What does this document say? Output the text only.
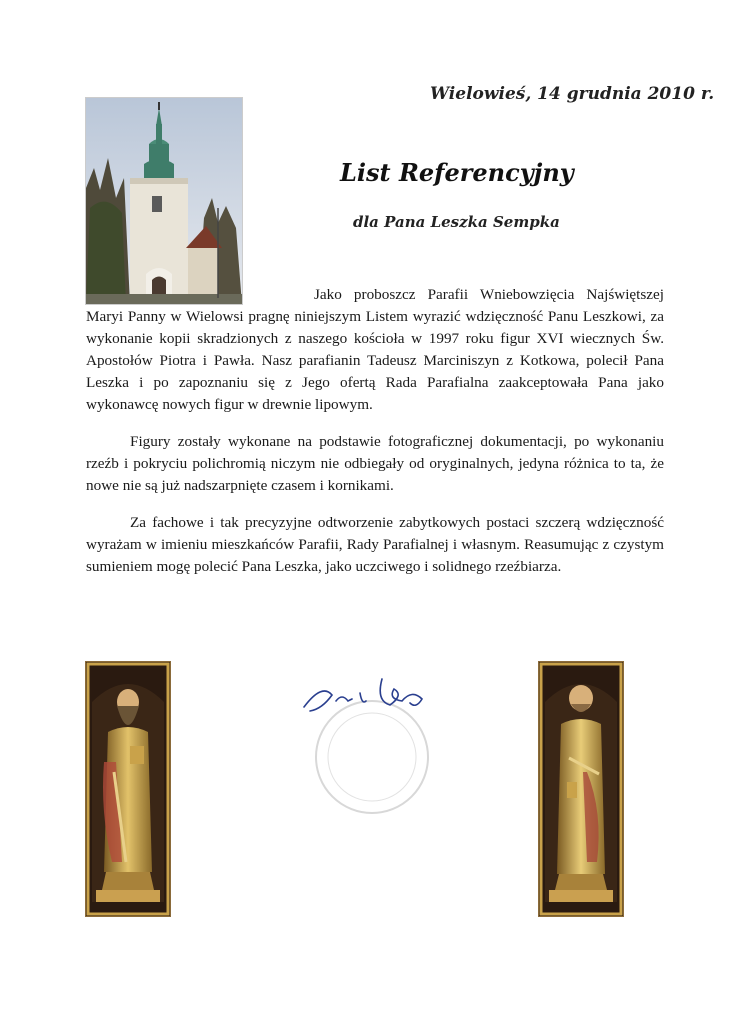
Wielowieś, 14 grudnia 2010 r.
List Referencyjny
dla Pana Leszka Sempka

Jako proboszcz Parafii Wniebowzięcia Najświętszej Maryi Panny w Wielowsi pragnę niniejszym Listem wyrazić wdzięczność Panu Leszkowi, za wykonanie kopii skradzionych z naszego kościoła w 1997 roku figur XVI wiecznych Św. Apostołów Piotra i Pawła. Nasz parafianin Tadeusz Marciniszyn z Kotkowa, polecił Pana Leszka i po zapoznaniu się z Jego ofertą Rada Parafialna zaakceptowała Pana jako wykonawcę nowych figur w drewnie lipowym.

Figury zostały wykonane na podstawie fotograficznej dokumentacji, po wykonaniu rzeźb i pokryciu polichromią niczym nie odbiegały od oryginalnych, jedyna różnica to ta, że nowe nie są już nadszarpnięte czasem i kornikami.

Za fachowe i tak precyzyjne odtworzenie zabytkowych postaci szczerą wdzięczność wyrażam w imieniu mieszkańców Parafii, Rady Parafialnej i własnym. Reasumując z czystym sumieniem mogę polecić Pana Leszka, jako uczciwego i solidnego rzeźbiarza.
